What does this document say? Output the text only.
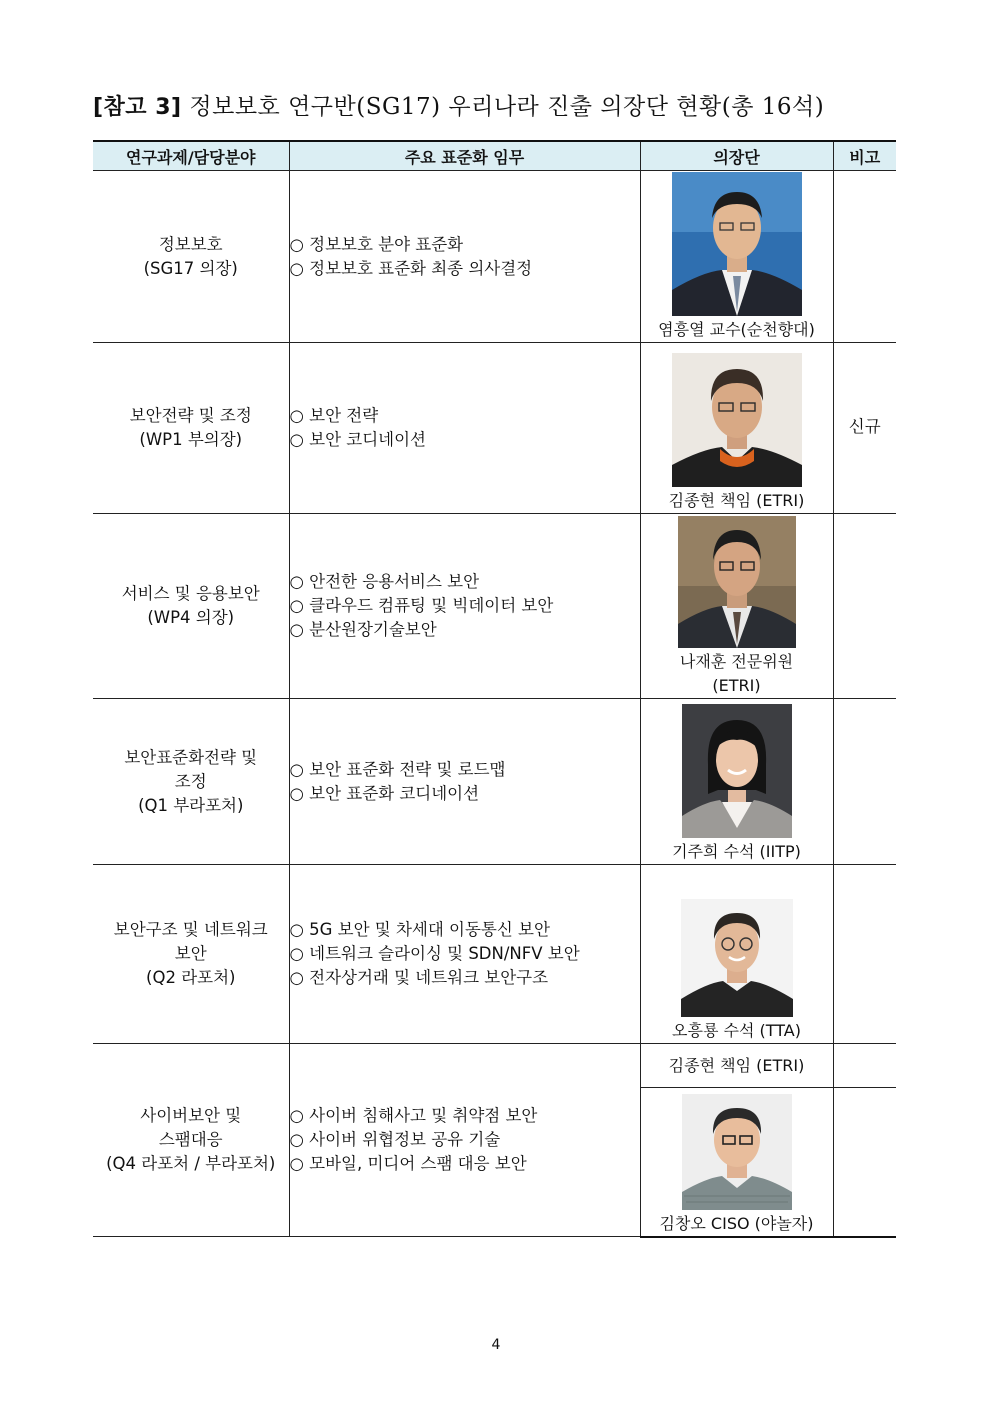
[참고 3] 정보보호 연구반(SG17) 우리나라 진출 의장단 현황(총 16석)
연구과제/담당분야	주요 표준화 임무	의장단	비고

정보보호
(SG17 의장)	○ 정보보호 분야 표준화
○ 정보보호 표준화 최종 의사결정	염흥열 교수(순천향대)	

보안전략 및 조정
(WP1 부의장)	○ 보안 전략
○ 보안 코디네이션	김종현 책임 (ETRI)	신규

서비스 및 응용보안
(WP4 의장)	○ 안전한 응용서비스 보안
○ 클라우드 컴퓨팅 및 빅데이터 보안
○ 분산원장기술보안	나재훈 전문위원
(ETRI)	

보안표준화전략 및
조정
(Q1 부라포처)	○ 보안 표준화 전략 및 로드맵
○ 보안 표준화 코디네이션	기주희 수석 (IITP)	

보안구조 및 네트워크
보안
(Q2 라포처)	○ 5G 보안 및 차세대 이동통신 보안
○ 네트워크 슬라이싱 및 SDN/NFV 보안
○ 전자상거래 및 네트워크 보안구조	오흥룡 수석 (TTA)	

사이버보안 및
스팸대응
(Q4 라포처 / 부라포처)	○ 사이버 침해사고 및 취약점 보안
○ 사이버 위협정보 공유 기술
○ 모바일, 미디어 스팸 대응 보안	김종현 책임 (ETRI)	

		김창오 CISO (야놀자)	

4
